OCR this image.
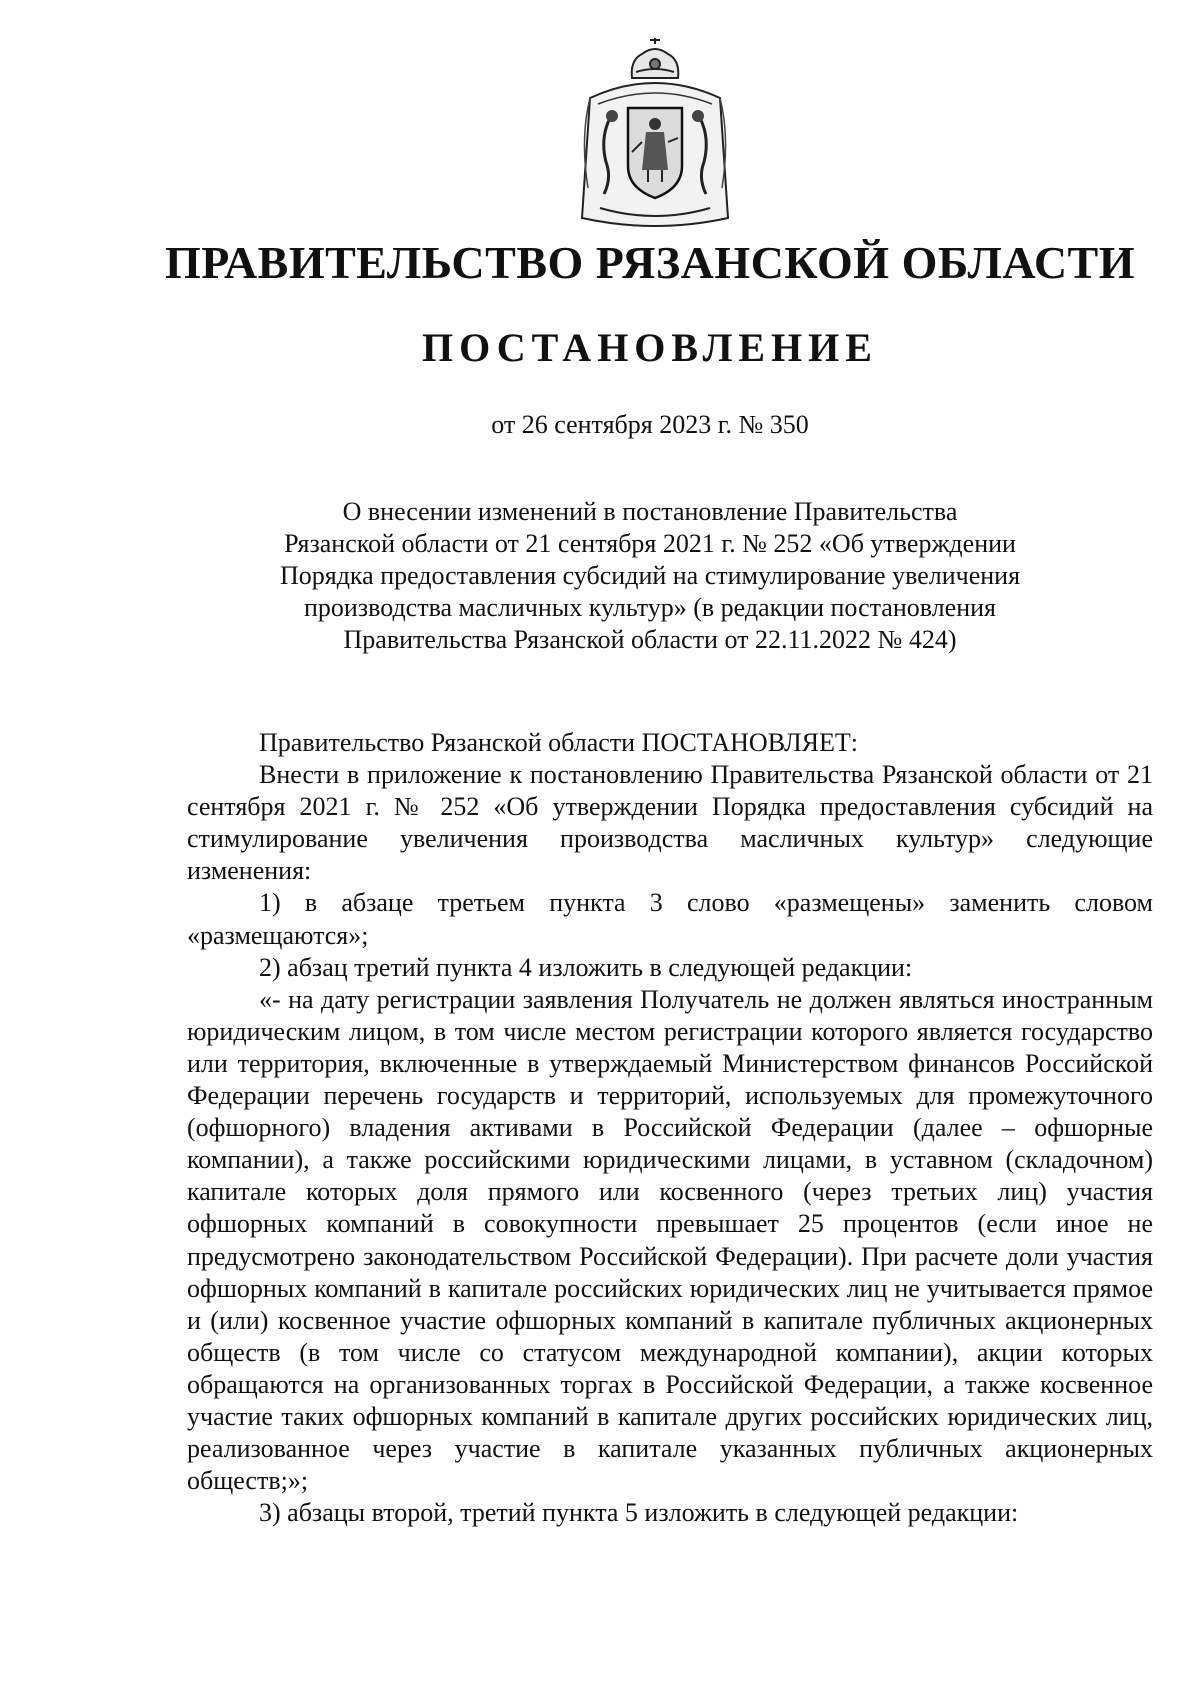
ПРАВИТЕЛЬСТВО РЯЗАНСКОЙ ОБЛАСТИ
ПОСТАНОВЛЕНИЕ
от 26 сентября 2023 г. № 350
О внесении изменений в постановление Правительства
Рязанской области от 21 сентября 2021 г. № 252 «Об утверждении
Порядка предоставления субсидий на стимулирование увеличения
производства масличных культур» (в редакции постановления
Правительства Рязанской области от 22.11.2022 № 424)

Правительство Рязанской области ПОСТАНОВЛЯЕТ:

Внести в приложение к постановлению Правительства Рязанской области от 21 сентября 2021 г. № 252 «Об утверждении Порядка предоставления субсидий на стимулирование увеличения производства масличных культур» следующие изменения:

1) в абзаце третьем пункта 3 слово «размещены» заменить словом «размещаются»;

2) абзац третий пункта 4 изложить в следующей редакции:

«- на дату регистрации заявления Получатель не должен являться иностранным юридическим лицом, в том числе местом регистрации которого является государство или территория, включенные в утверждаемый Министерством финансов Российской Федерации перечень государств и территорий, используемых для промежуточного (офшорного) владения активами в Российской Федерации (далее – офшорные компании), а также российскими юридическими лицами, в уставном (складочном) капитале которых доля прямого или косвенного (через третьих лиц) участия офшорных компаний в совокупности превышает 25 процентов (если иное не предусмотрено законодательством Российской Федерации). При расчете доли участия офшорных компаний в капитале российских юридических лиц не учитывается прямое и (или) косвенное участие офшорных компаний в капитале публичных акционерных обществ (в том числе со статусом международной компании), акции которых обращаются на организованных торгах в Российской Федерации, а также косвенное участие таких офшорных компаний в капитале других российских юридических лиц, реализованное через участие в капитале указанных публичных акционерных обществ;»;

3) абзацы второй, третий пункта 5 изложить в следующей редакции:
